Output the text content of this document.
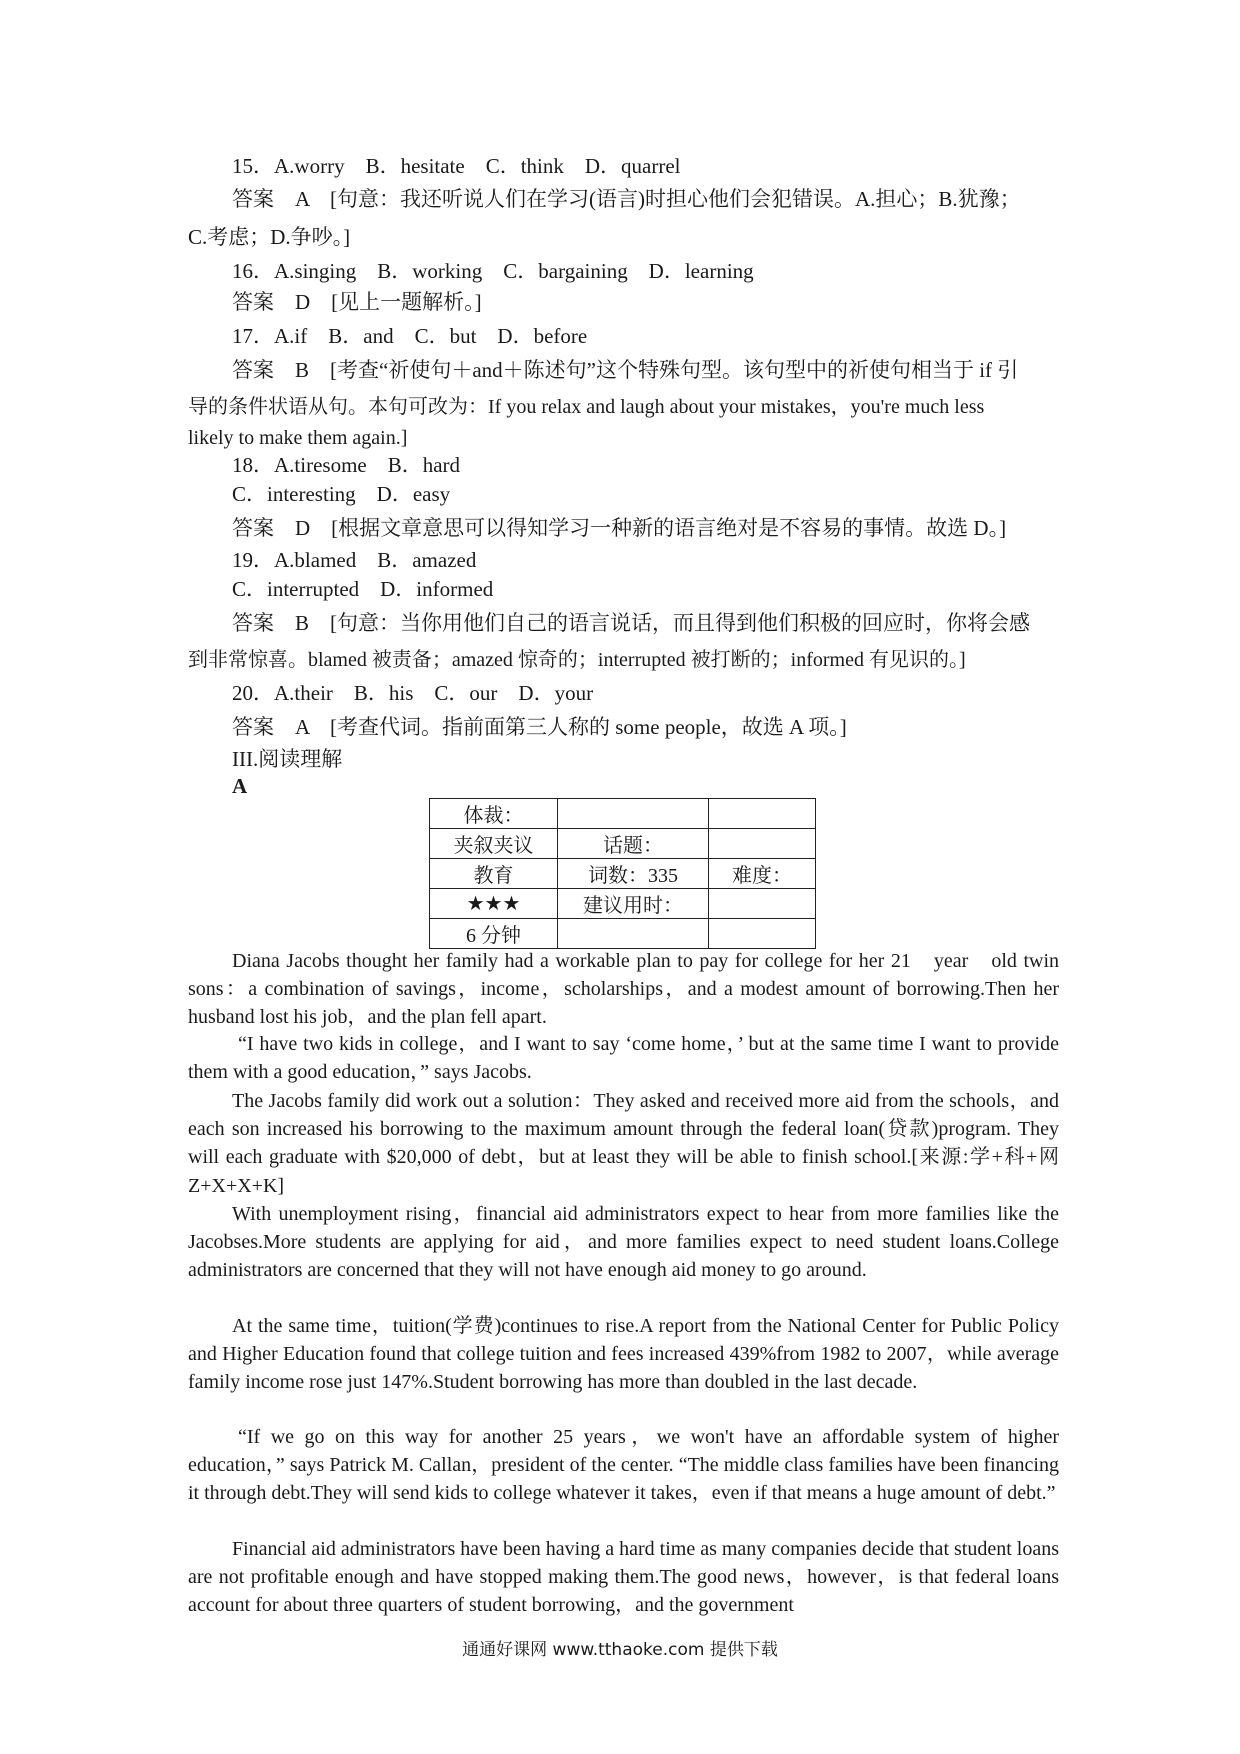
15．A.worry　B．hesitate　C．think　D．quarrel
答案　A　[句意：我还听说人们在学习(语言)时担心他们会犯错误。A.担心；B.犹豫；
C.考虑；D.争吵。]
16．A.singing　B．working　C．bargaining　D．learning
答案　D　[见上一题解析。]
17．A.if　B．and　C．but　D．before
答案　B　[考查“祈使句＋and＋陈述句”这个特殊句型。该句型中的祈使句相当于 if 引
导的条件状语从句。本句可改为：If you relax and laugh about your mistakes，you're much less
likely to make them again.]
18．A.tiresome　B．hard
C．interesting　D．easy
答案　D　[根据文章意思可以得知学习一种新的语言绝对是不容易的事情。故选 D。]
19．A.blamed　B．amazed
C．interrupted　D．informed
答案　B　[句意：当你用他们自己的语言说话，而且得到他们积极的回应时，你将会感
到非常惊喜。blamed 被责备；amazed 惊奇的；interrupted 被打断的；informed 有见识的。]
20．A.their　B．his　C．our　D．your
答案　A　[考查代词。指前面第三人称的 some people，故选 A 项。]
III.阅读理解
A
体裁：		
夹叙夹议	话题：	
教育	词数：335	难度：
★★★	建议用时：	
6 分钟		
Diana Jacobs thought her family had a workable plan to pay for college for her 21　year　old twin sons：a combination of savings，income，scholarships，and a modest amount of borrowing.Then her husband lost his job，and the plan fell apart.
“I have two kids in college，and I want to say ‘come home，’ but at the same time I want to provide them with a good education，” says Jacobs.
The Jacobs family did work out a solution：They asked and received more aid from the schools，and each son increased his borrowing to the maximum amount through the federal loan(贷款)program. They will each graduate with $20,000 of debt，but at least they will be able to finish school.[来源:学+科+网 Z+X+X+K]
With unemployment rising，financial aid administrators expect to hear from more families like the Jacobses.More students are applying for aid，and more families expect to need student loans.College administrators are concerned that they will not have enough aid money to go around.
At the same time，tuition(学费)continues to rise.A report from the National Center for Public Policy and Higher Education found that college tuition and fees increased 439%from 1982 to 2007，while average family income rose just 147%.Student borrowing has more than doubled in the last decade.
“If we go on this way for another 25 years，we won't have an affordable system of higher education，” says Patrick M. Callan，president of the center. “The middle class families have been financing it through debt.They will send kids to college whatever it takes，even if that means a huge amount of debt.”
Financial aid administrators have been having a hard time as many companies decide that student loans are not profitable enough and have stopped making them.The good news，however，is that federal loans account for about three quarters of student borrowing，and the government
通通好课网 www.tthaoke.com 提供下载
